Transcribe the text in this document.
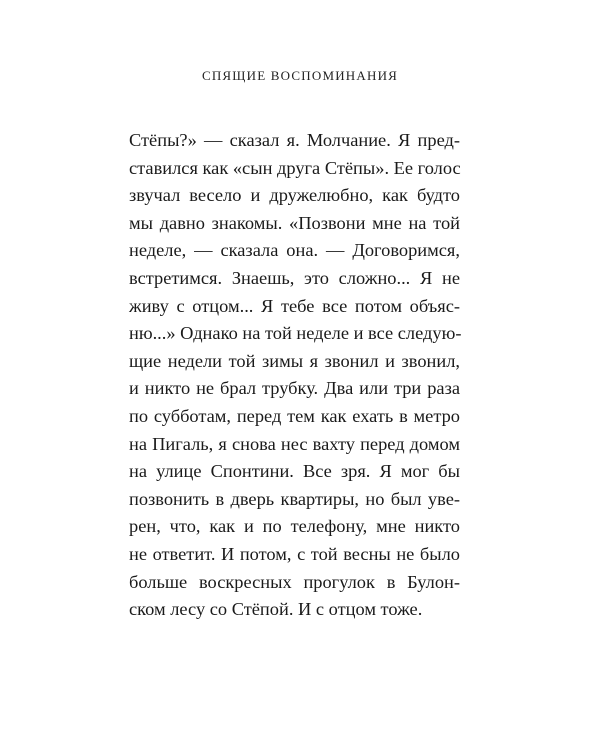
СПЯЩИЕ ВОСПОМИНАНИЯ
Стёпы?» — сказал я. Молчание. Я пред-
ставился как «сын друга Стёпы». Ее голос
звучал весело и дружелюбно, как будто
мы давно знакомы. «Позвони мне на той
неделе, — сказала она. — Договоримся,
встретимся. Знаешь, это сложно... Я не
живу с отцом... Я тебе все потом объяс-
ню...» Однако на той неделе и все следую-
щие недели той зимы я звонил и звонил,
и никто не брал трубку. Два или три раза
по субботам, перед тем как ехать в метро
на Пигаль, я снова нес вахту перед домом
на улице Спонтини. Все зря. Я мог бы
позвонить в дверь квартиры, но был уве-
рен, что, как и по телефону, мне никто
не ответит. И потом, с той весны не было
больше воскресных прогулок в Булон-
ском лесу со Стёпой. И с отцом тоже.
